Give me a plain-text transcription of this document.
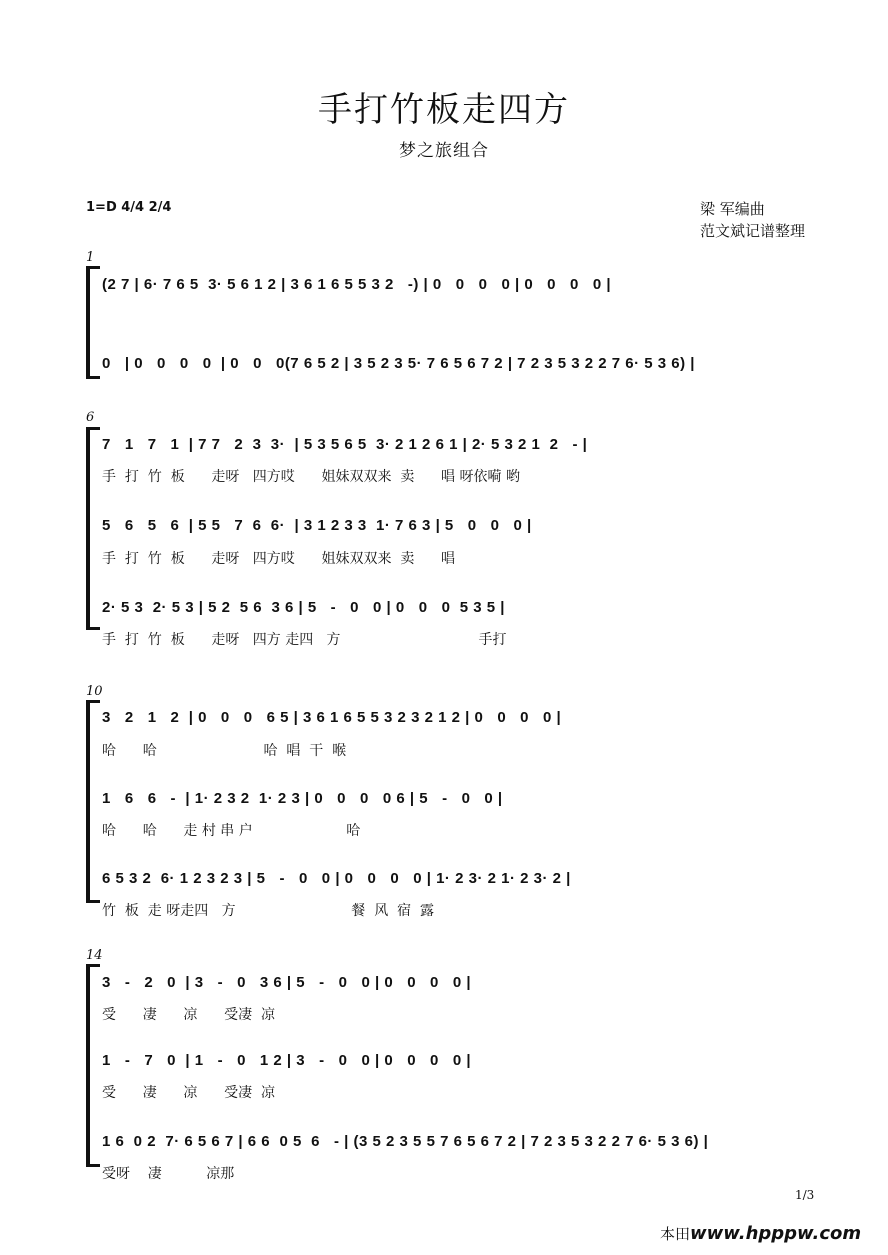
手打竹板走四方
梦之旅组合
1=D 4/4 2/4	梁 军编曲
范文斌记谱整理
1
(2 7 | 6· 7 6 5  3· 5 6 1 2 | 3 6 1 6 5 5 3 2   -) | 0   0   0   0 | 0   0   0   0 |
0   | 0   0   0   0  | 0   0   0(7 6 5 2 | 3 5 2 3 5· 7 6 5 6 7 2 | 7 2 3 5 3 2 2 7 6· 5 3 6) |
6
7   1   7   1  | 7 7   2  3  3·  | 5 3 5 6 5  3· 2 1 2 6 1 | 2· 5 3 2 1  2   - |
手  打  竹  板      走呀   四方哎      姐妹双双来  卖      唱 呀依嗬 哟
5   6   5   6  | 5 5   7  6  6·  | 3 1 2 3 3  1· 7 6 3 | 5   0   0   0 |
手  打  竹  板      走呀   四方哎      姐妹双双来  卖      唱
2· 5 3  2· 5 3 | 5 2  5 6  3 6 | 5   -   0   0 | 0   0   0  5 3 5 |
手  打  竹  板      走呀   四方 走四   方                               手打
10
3   2   1   2  | 0   0   0   6 5 | 3 6 1 6 5 5 3 2 3 2 1 2 | 0   0   0   0 |
哈      哈                        哈  唱  干  喉
1   6   6   -  | 1· 2 3 2  1· 2 3 | 0   0   0   0 6 | 5   -   0   0 |
哈      哈      走 村 串 户                     哈
6 5 3 2  6· 1 2 3 2 3 | 5   -   0   0 | 0   0   0   0 | 1· 2 3· 2 1· 2 3· 2 |
竹  板  走 呀走四   方                          餐  风  宿  露
14
3   -   2   0  | 3   -   0   3 6 | 5   -   0   0 | 0   0   0   0 |
受      凄      凉      受凄  凉
1   -   7   0  | 1   -   0   1 2 | 3   -   0   0 | 0   0   0   0 |
受      凄      凉      受凄  凉
1 6  0 2  7· 6 5 6 7 | 6 6  0 5  6   - | (3 5 2 3 5 5 7 6 5 6 7 2 | 7 2 3 5 3 2 2 7 6· 5 3 6) |
受呀    凄          凉那
1/3
本田www.hpppw.com
